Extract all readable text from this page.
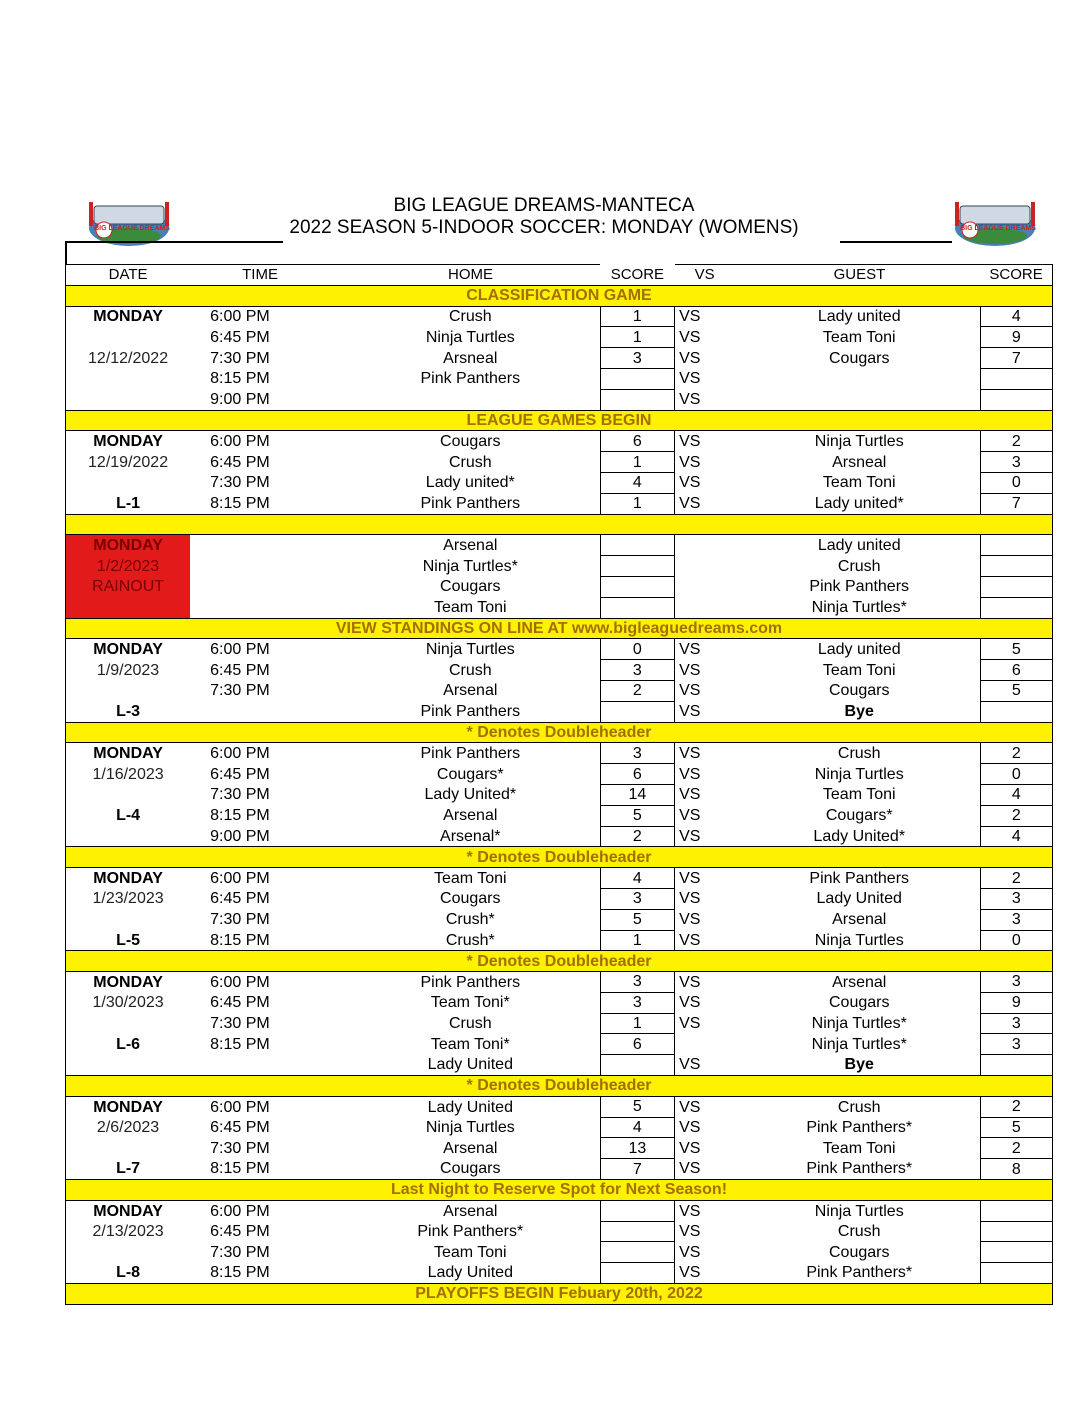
BIG LEAGUE DREAMS-MANTECA
2022 SEASON 5-INDOOR SOCCER: MONDAY (WOMENS)
BIG LEAGUE DREAMS	BIG LEAGUE DREAMS
DATE	TIME	HOME	SCORE	VS	GUEST	SCORE
CLASSIFICATION GAME						
MONDAY	6:00 PM	Crush	1	VS	Lady united	4
	6:45 PM	Ninja Turtles	1	VS	Team Toni	9
12/12/2022	7:30 PM	Arsneal	3	VS	Cougars	7
	8:15 PM	Pink Panthers		VS		
	9:00 PM			VS		
LEAGUE GAMES BEGIN						
MONDAY	6:00 PM	Cougars	6	VS	Ninja Turtles	2
12/19/2022	6:45 PM	Crush	1	VS	Arsneal	3
	7:30 PM	Lady united*	4	VS	Team Toni	0
L-1	8:15 PM	Pink Panthers	1	VS	Lady united*	7

MONDAY		Arsenal			Lady united	
1/2/2023		Ninja Turtles*			Crush	
RAINOUT		Cougars			Pink Panthers	
		Team Toni			Ninja Turtles*	
VIEW STANDINGS ON LINE AT www.bigleaguedreams.com						
MONDAY	6:00 PM	Ninja Turtles	0	VS	Lady united	5
1/9/2023	6:45 PM	Crush	3	VS	Team Toni	6
	7:30 PM	Arsenal	2	VS	Cougars	5
L-3		Pink Panthers		VS	Bye	
* Denotes Doubleheader						
MONDAY	6:00 PM	Pink Panthers	3	VS	Crush	2
1/16/2023	6:45 PM	Cougars*	6	VS	Ninja Turtles	0
	7:30 PM	Lady United*	14	VS	Team Toni	4
L-4	8:15 PM	Arsenal	5	VS	Cougars*	2
	9:00 PM	Arsenal*	2	VS	Lady United*	4
* Denotes Doubleheader						
MONDAY	6:00 PM	Team Toni	4	VS	Pink Panthers	2
1/23/2023	6:45 PM	Cougars	3	VS	Lady United	3
	7:30 PM	Crush*	5	VS	Arsenal	3
L-5	8:15 PM	Crush*	1	VS	Ninja Turtles	0
* Denotes Doubleheader						
MONDAY	6:00 PM	Pink Panthers	3	VS	Arsenal	3
1/30/2023	6:45 PM	Team Toni*	3	VS	Cougars	9
	7:30 PM	Crush	1	VS	Ninja Turtles*	3
L-6	8:15 PM	Team Toni*	6		Ninja Turtles*	3
		Lady United		VS	Bye	
* Denotes Doubleheader						
MONDAY	6:00 PM	Lady United	5	VS	Crush	2
2/6/2023	6:45 PM	Ninja Turtles	4	VS	Pink Panthers*	5
	7:30 PM	Arsenal	13	VS	Team Toni	2
L-7	8:15 PM	Cougars	7	VS	Pink Panthers*	8
Last Night to Reserve Spot for Next Season!						
MONDAY	6:00 PM	Arsenal		VS	Ninja Turtles	
2/13/2023	6:45 PM	Pink Panthers*		VS	Crush	
	7:30 PM	Team Toni		VS	Cougars	
L-8	8:15 PM	Lady United		VS	Pink Panthers*	
PLAYOFFS BEGIN Febuary 20th, 2022						
